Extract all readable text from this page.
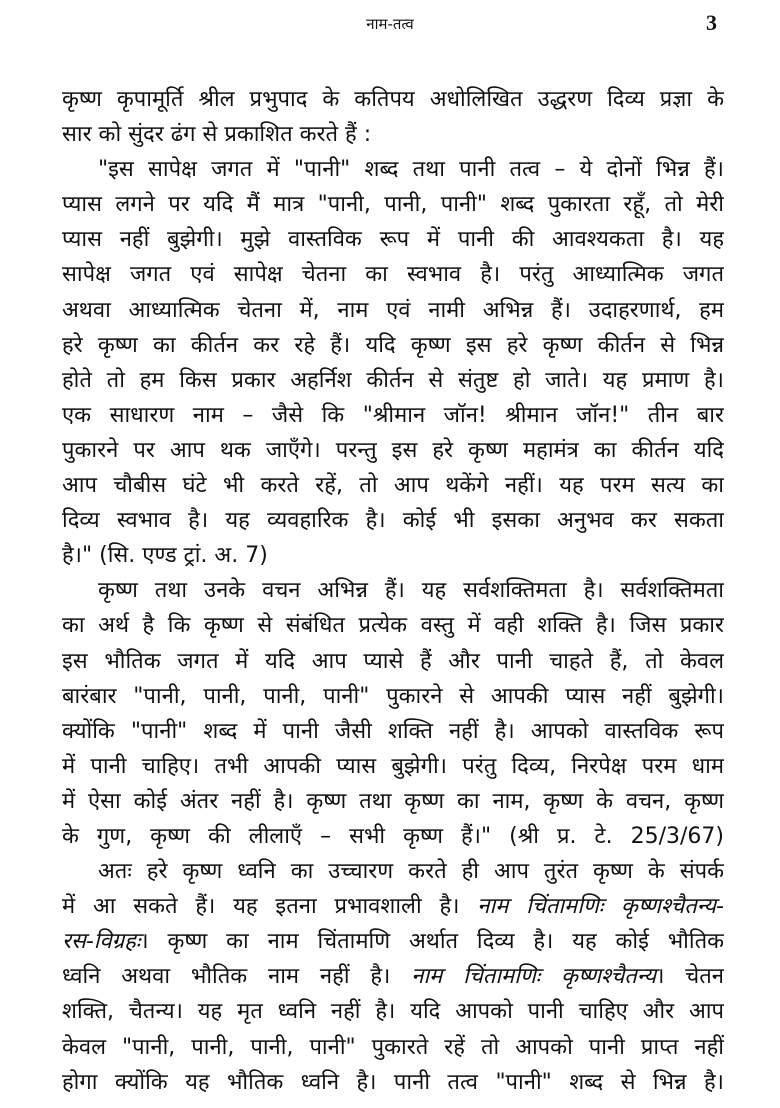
नाम-तत्व	3
कृष्ण कृपामूर्ति श्रील प्रभुपाद के कतिपय अधोलिखित उद्धरण दिव्य प्रज्ञा के
सार को सुंदर ढंग से प्रकाशित करते हैं :
"इस सापेक्ष जगत में "पानी" शब्द तथा पानी तत्व – ये दोनों भिन्न हैं।
प्यास लगने पर यदि मैं मात्र "पानी, पानी, पानी" शब्द पुकारता रहूँ, तो मेरी
प्यास नहीं बुझेगी। मुझे वास्तविक रूप में पानी की आवश्यकता है। यह
सापेक्ष जगत एवं सापेक्ष चेतना का स्वभाव है। परंतु आध्यात्मिक जगत
अथवा आध्यात्मिक चेतना में, नाम एवं नामी अभिन्न हैं। उदाहरणार्थ, हम
हरे कृष्ण का कीर्तन कर रहे हैं। यदि कृष्ण इस हरे कृष्ण कीर्तन से भिन्न
होते तो हम किस प्रकार अहर्निश कीर्तन से संतुष्ट हो जाते। यह प्रमाण है।
एक साधारण नाम – जैसे कि "श्रीमान जॉन! श्रीमान जॉन!" तीन बार
पुकारने पर आप थक जाएँगे। परन्तु इस हरे कृष्ण महामंत्र का कीर्तन यदि
आप चौबीस घंटे भी करते रहें, तो आप थकेंगे नहीं। यह परम सत्य का
दिव्य स्वभाव है। यह व्यवहारिक है। कोई भी इसका अनुभव कर सकता
है।" (सि. एण्ड ट्रां. अ. 7)
कृष्ण तथा उनके वचन अभिन्न हैं। यह सर्वशक्तिमता है। सर्वशक्तिमता
का अर्थ है कि कृष्ण से संबंधित प्रत्येक वस्तु में वही शक्ति है। जिस प्रकार
इस भौतिक जगत में यदि आप प्यासे हैं और पानी चाहते हैं, तो केवल
बारंबार "पानी, पानी, पानी, पानी" पुकारने से आपकी प्यास नहीं बुझेगी।
क्योंकि "पानी" शब्द में पानी जैसी शक्ति नहीं है। आपको वास्तविक रूप
में पानी चाहिए। तभी आपकी प्यास बुझेगी। परंतु दिव्य, निरपेक्ष परम धाम
में ऐसा कोई अंतर नहीं है। कृष्ण तथा कृष्ण का नाम, कृष्ण के वचन, कृष्ण
के गुण, कृष्ण की लीलाएँ – सभी कृष्ण हैं।" (श्री प्र. टे. 25/3/67)
अतः हरे कृष्ण ध्वनि का उच्चारण करते ही आप तुरंत कृष्ण के संपर्क
में आ सकते हैं। यह इतना प्रभावशाली है। नाम चिंतामणिः कृष्णश्चैतन्य-
रस-विग्रहः। कृष्ण का नाम चिंतामणि अर्थात दिव्य है। यह कोई भौतिक
ध्वनि अथवा भौतिक नाम नहीं है। नाम चिंतामणिः कृष्णश्चैतन्य। चेतन
शक्ति, चैतन्य। यह मृत ध्वनि नहीं है। यदि आपको पानी चाहिए और आप
केवल "पानी, पानी, पानी, पानी" पुकारते रहें तो आपको पानी प्राप्त नहीं
होगा क्योंकि यह भौतिक ध्वनि है। पानी तत्व "पानी" शब्द से भिन्न है।
